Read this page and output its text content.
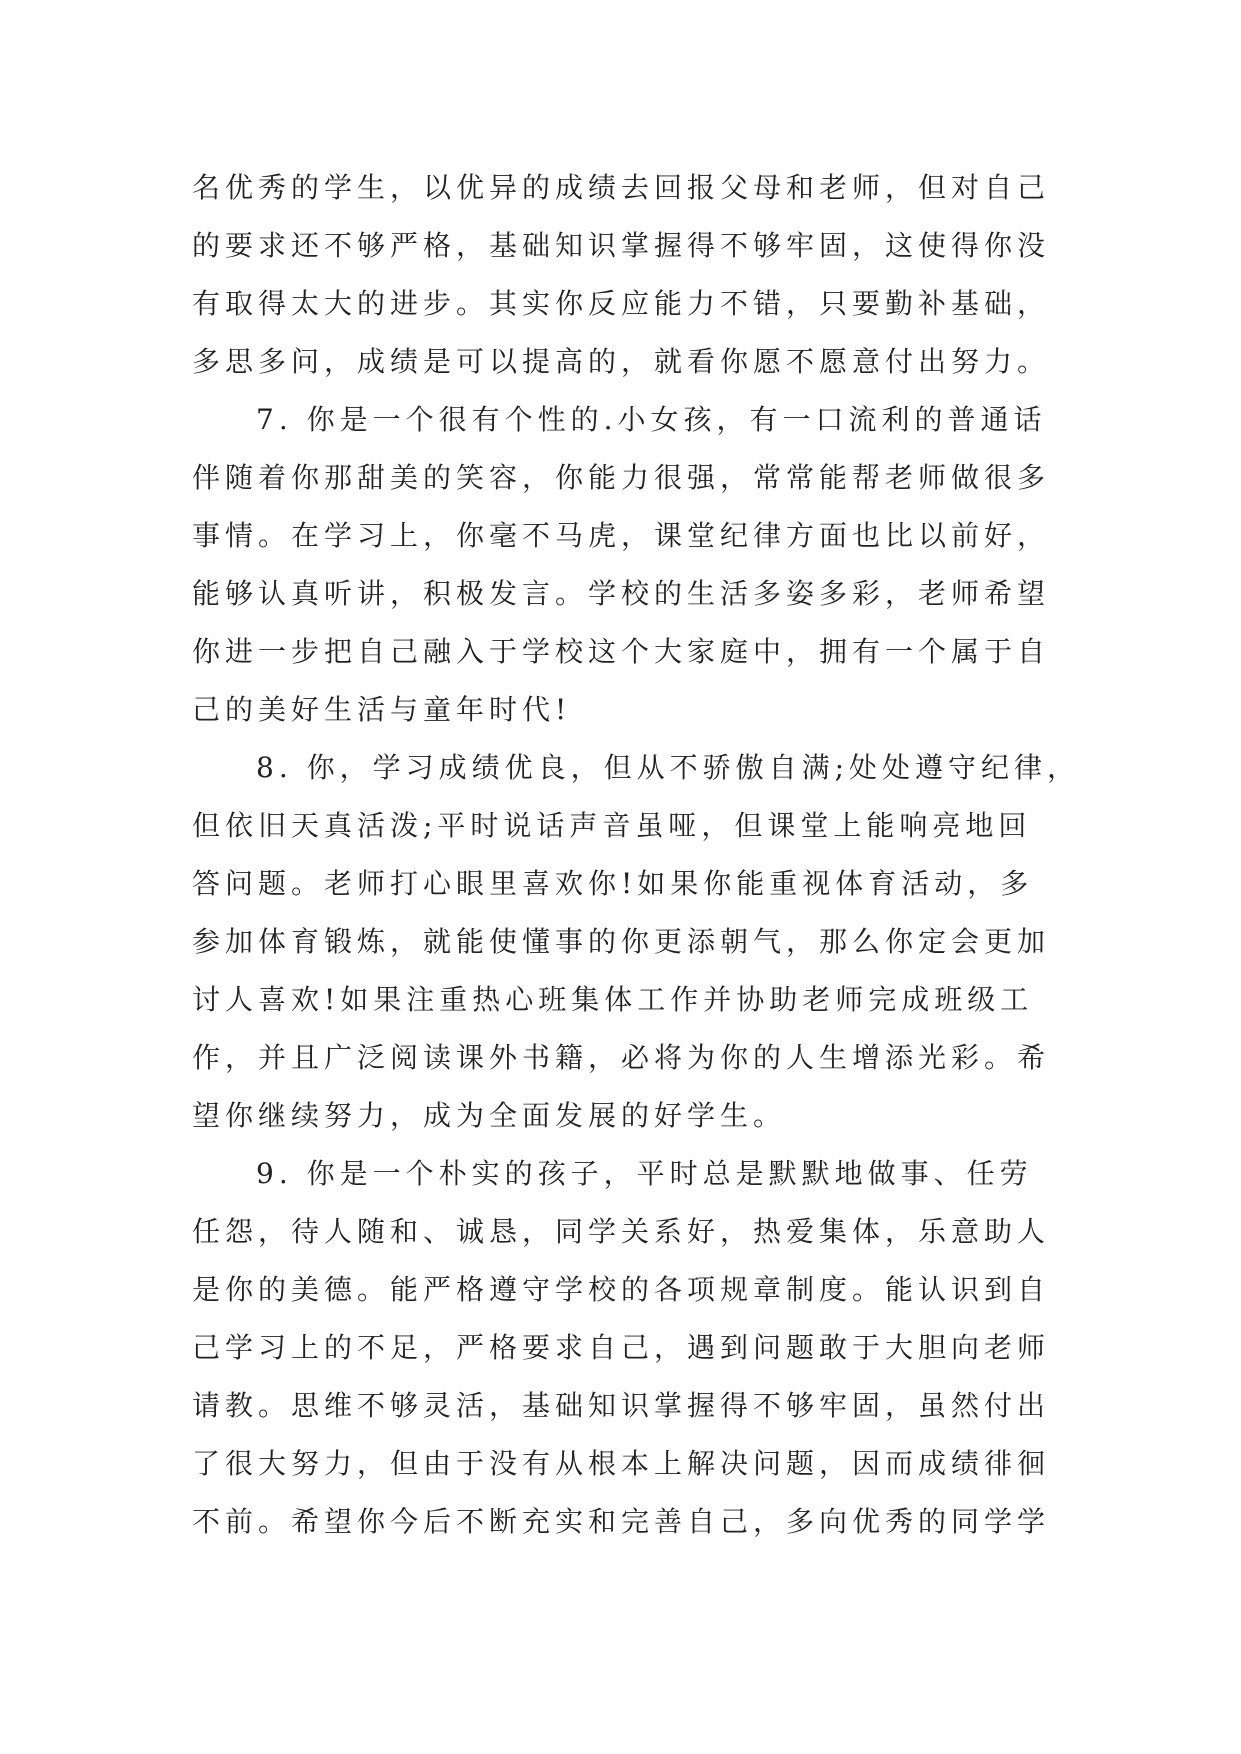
名优秀的学生，以优异的成绩去回报父母和老师，但对自己
的要求还不够严格，基础知识掌握得不够牢固，这使得你没
有取得太大的进步。其实你反应能力不错，只要勤补基础，
多思多问，成绩是可以提高的，就看你愿不愿意付出努力。
7. 你是一个很有个性的.小女孩，有一口流利的普通话
伴随着你那甜美的笑容，你能力很强，常常能帮老师做很多
事情。在学习上，你毫不马虎，课堂纪律方面也比以前好，
能够认真听讲，积极发言。学校的生活多姿多彩，老师希望
你进一步把自己融入于学校这个大家庭中，拥有一个属于自
己的美好生活与童年时代!
8. 你，学习成绩优良，但从不骄傲自满;处处遵守纪律，
但依旧天真活泼;平时说话声音虽哑，但课堂上能响亮地回
答问题。老师打心眼里喜欢你!如果你能重视体育活动，多
参加体育锻炼，就能使懂事的你更添朝气，那么你定会更加
讨人喜欢!如果注重热心班集体工作并协助老师完成班级工
作，并且广泛阅读课外书籍，必将为你的人生增添光彩。希
望你继续努力，成为全面发展的好学生。
9. 你是一个朴实的孩子，平时总是默默地做事、任劳
任怨，待人随和、诚恳，同学关系好，热爱集体，乐意助人
是你的美德。能严格遵守学校的各项规章制度。能认识到自
己学习上的不足，严格要求自己，遇到问题敢于大胆向老师
请教。思维不够灵活，基础知识掌握得不够牢固，虽然付出
了很大努力，但由于没有从根本上解决问题，因而成绩徘徊
不前。希望你今后不断充实和完善自己，多向优秀的同学学
